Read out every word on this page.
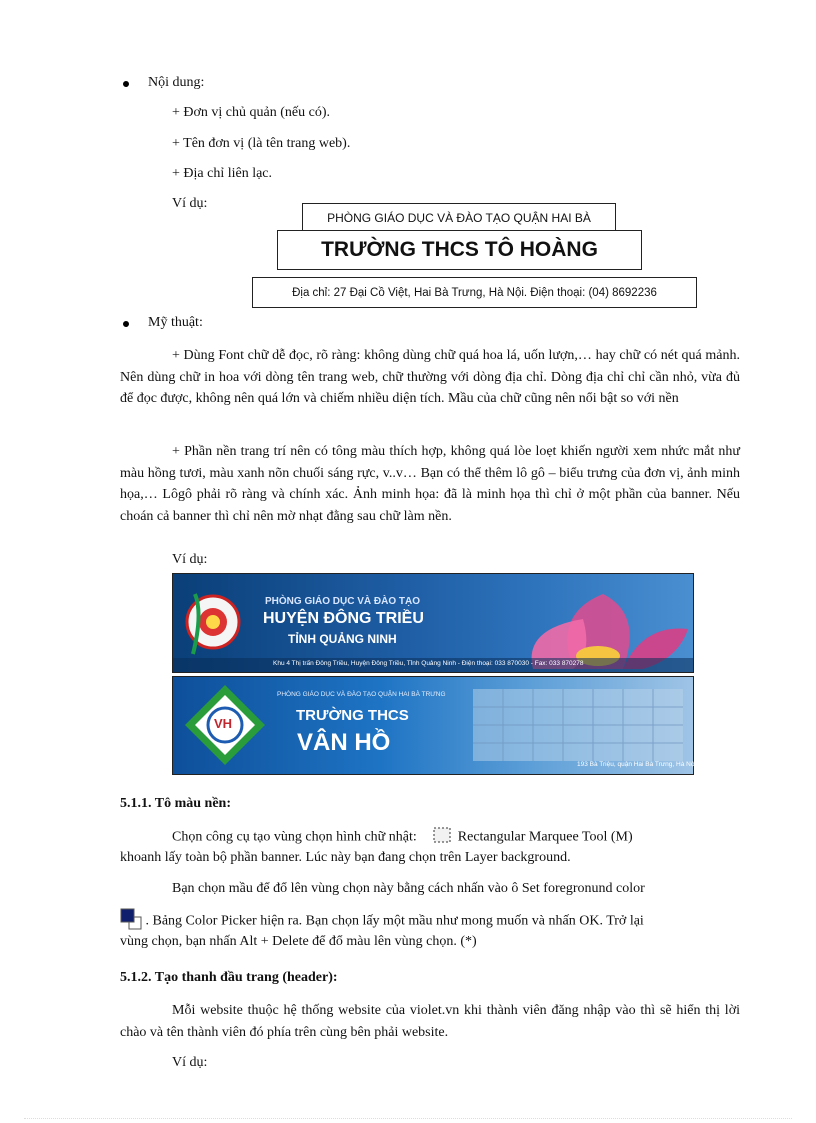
Nội dung:
+ Đơn vị chủ quản (nếu có).
+ Tên đơn vị (là tên trang web).
+ Địa chỉ liên lạc.
Ví dụ:
PHÒNG GIÁO DỤC VÀ ĐÀO TẠO QUẬN HAI BÀ
TRƯỜNG THCS TÔ HOÀNG
Địa chỉ: 27 Đại Cồ Việt, Hai Bà Trưng, Hà Nội. Điện thoại: (04) 8692236
Mỹ thuật:
+ Dùng Font chữ dễ đọc, rõ ràng: không dùng chữ quá hoa lá, uốn lượn,… hay chữ có nét quá mảnh. Nên dùng chữ in hoa với dòng tên trang web, chữ thường với dòng địa chỉ. Dòng địa chỉ chỉ cần nhỏ, vừa đủ để đọc được, không nên quá lớn và chiếm nhiều diện tích. Mầu của chữ cũng nên nổi bật so với nền
+ Phần nền trang trí nên có tông màu thích hợp, không quá lòe loẹt khiến người xem nhức mắt như màu hồng tươi, màu xanh nõn chuối sáng rực, v..v… Bạn có thể thêm lô gô – biểu trưng của đơn vị, ảnh minh họa,… Lôgô phải rõ ràng và chính xác. Ảnh minh họa: đã là minh họa thì chỉ ở một phần của banner. Nếu choán cả banner thì chỉ nên mờ nhạt đằng sau chữ làm nền.
Ví dụ:
PHÒNG GIÁO DỤC VÀ ĐÀO TẠO
HUYỆN ĐÔNG TRIỀU
TỈNH QUẢNG NINH
Khu 4 Thị trấn Đông Triều, Huyện Đông Triều, Tỉnh Quảng Ninh - Điện thoại: 033 870030 - Fax: 033 870278
VH
PHÒNG GIÁO DỤC VÀ ĐÀO TẠO QUẬN HAI BÀ TRƯNG
TRƯỜNG THCS
VÂN HỒ
193 Bà Triệu, quận Hai Bà Trưng, Hà Nội - Điện thoại: 04-9445323
5.1.1. Tô màu nền:
Chọn công cụ tạo vùng chọn hình chữ nhật:	Rectangular Marquee Tool (M)
khoanh lấy toàn bộ phần banner. Lúc này bạn đang chọn trên Layer background.
Bạn chọn mầu để đổ lên vùng chọn này bằng cách nhấn vào ô Set foregronund color
. Bảng Color Picker hiện ra. Bạn chọn lấy một mầu như mong muốn và nhấn OK. Trở lại
vùng chọn, bạn nhấn Alt + Delete để đổ màu lên vùng chọn. (*)
5.1.2. Tạo thanh đầu trang (header):
Mỗi website thuộc hệ thống website của violet.vn khi thành viên đăng nhập vào thì sẽ hiển thị lời chào và tên thành viên đó phía trên cùng bên phải website.
Ví dụ:
